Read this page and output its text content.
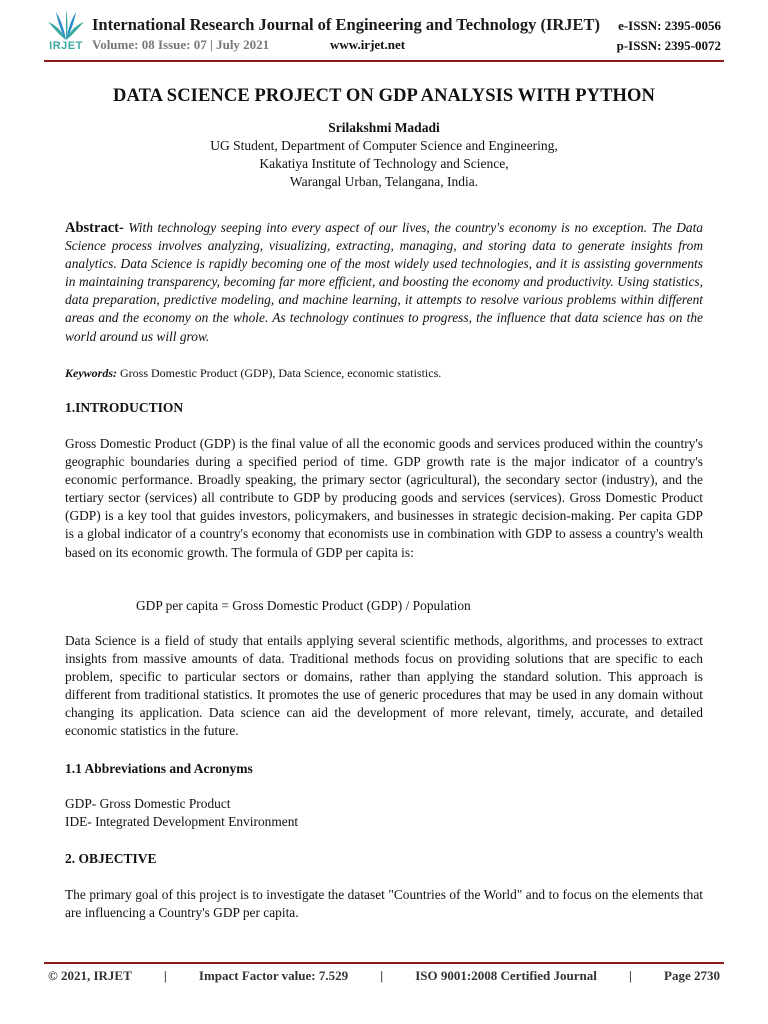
IRJET
International Research Journal of Engineering and Technology (IRJET)
Volume: 08 Issue: 07 | July 2021	www.irjet.net
e-ISSN: 2395-0056
p-ISSN: 2395-0072
DATA SCIENCE PROJECT ON GDP ANALYSIS WITH PYTHON
Srilakshmi Madadi
UG Student, Department of Computer Science and Engineering,
Kakatiya Institute of Technology and Science,
Warangal Urban, Telangana, India.
Abstract- With technology seeping into every aspect of our lives, the country's economy is no exception. The Data Science process involves analyzing, visualizing, extracting, managing, and storing data to generate insights from analytics. Data Science is rapidly becoming one of the most widely used technologies, and it is assisting governments in maintaining transparency, becoming far more efficient, and boosting the economy and productivity. Using statistics, data preparation, predictive modeling, and machine learning, it attempts to resolve various problems within different areas and the economy on the whole. As technology continues to progress, the influence that data science has on the world around us will grow.
Keywords: Gross Domestic Product (GDP), Data Science, economic statistics.
1.INTRODUCTION
Gross Domestic Product (GDP) is the final value of all the economic goods and services produced within the country's geographic boundaries during a specified period of time. GDP growth rate is the major indicator of a country's economic performance. Broadly speaking, the primary sector (agricultural), the secondary sector (industry), and the tertiary sector (services) all contribute to GDP by producing goods and services (services). Gross Domestic Product (GDP) is a key tool that guides investors, policymakers, and businesses in strategic decision-making. Per capita GDP is a global indicator of a country's economy that economists use in combination with GDP to assess a country's wealth based on its economic growth. The formula of GDP per capita is:
GDP per capita = Gross Domestic Product (GDP) / Population
Data Science is a field of study that entails applying several scientific methods, algorithms, and processes to extract insights from massive amounts of data. Traditional methods focus on providing solutions that are specific to each problem, specific to particular sectors or domains, rather than applying the standard solution. This approach is different from traditional statistics. It promotes the use of generic procedures that may be used in any domain without changing its application. Data science can aid the development of more relevant, timely, accurate, and detailed economic statistics in the future.
1.1 Abbreviations and Acronyms
GDP- Gross Domestic Product
IDE- Integrated Development Environment
2. OBJECTIVE
The primary goal of this project is to investigate the dataset "Countries of the World" and to focus on the elements that are influencing a Country's GDP per capita.
© 2021, IRJET | Impact Factor value: 7.529 | ISO 9001:2008 Certified Journal | Page 2730
